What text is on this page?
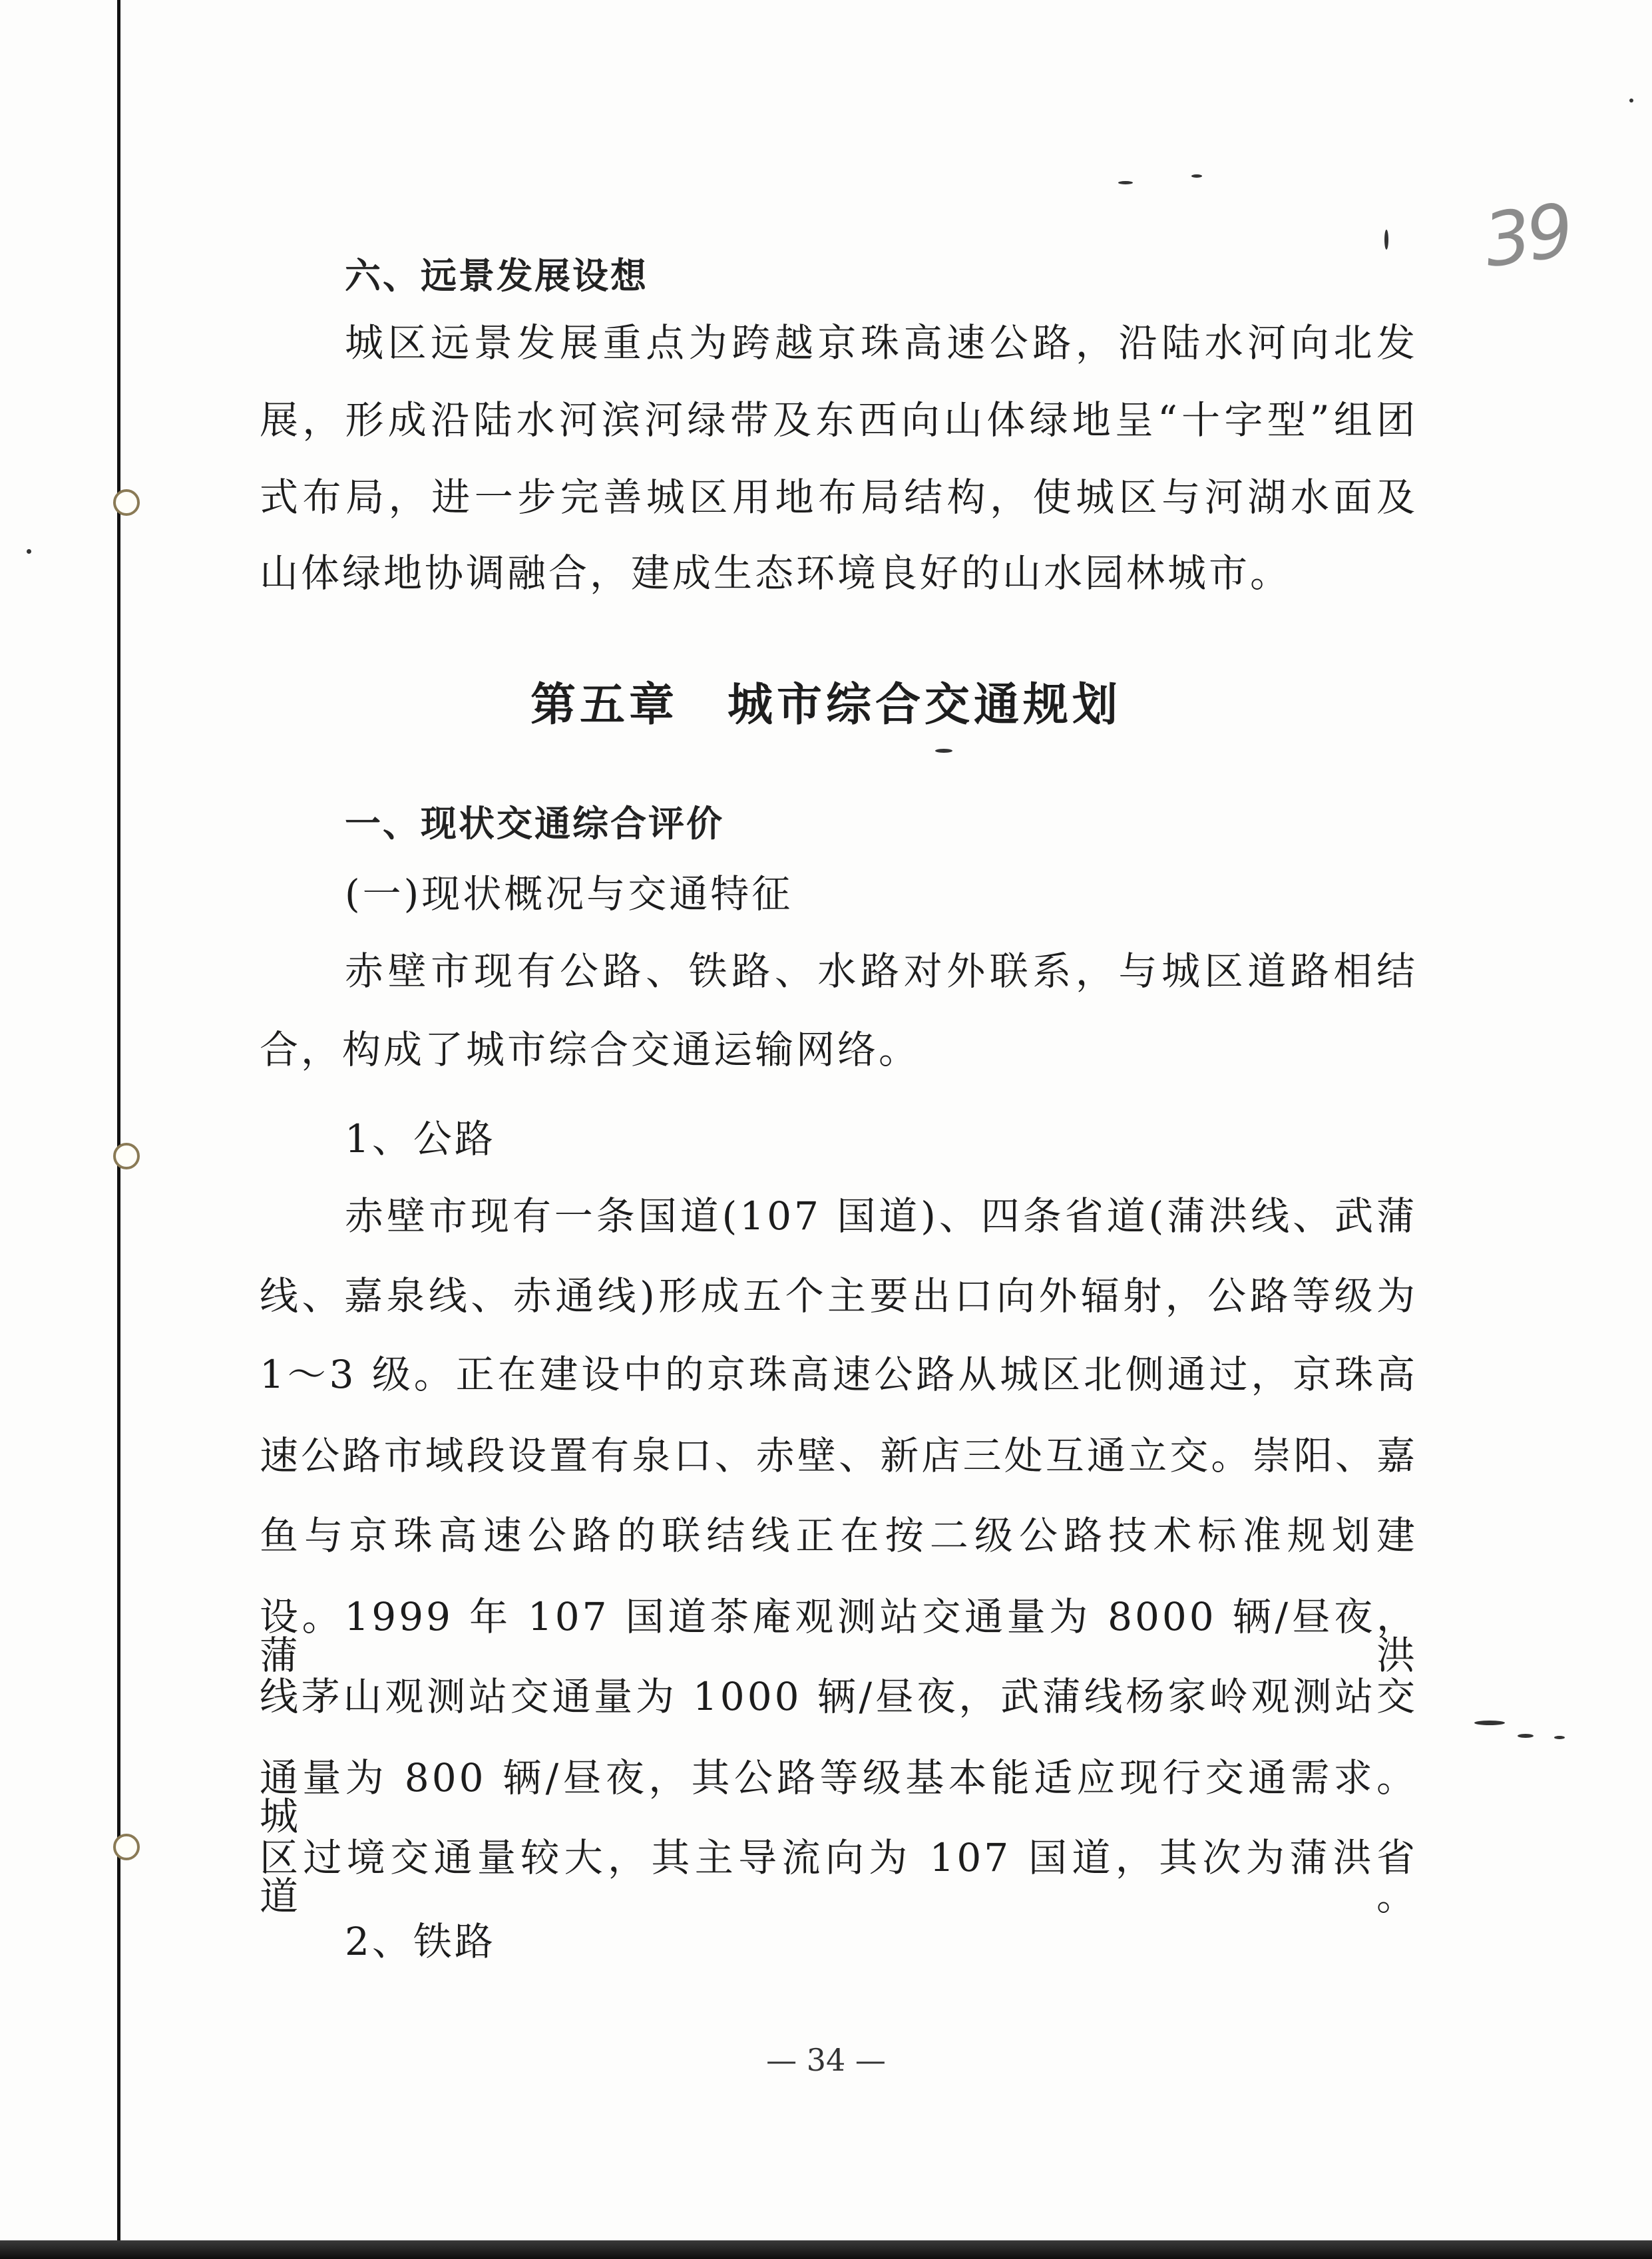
39
六、远景发展设想
城区远景发展重点为跨越京珠高速公路，沿陆水河向北发
展，形成沿陆水河滨河绿带及东西向山体绿地呈“十字型”组团
式布局，进一步完善城区用地布局结构，使城区与河湖水面及
山体绿地协调融合，建成生态环境良好的山水园林城市。
第五章　城市综合交通规划
一、现状交通综合评价
(一)现状概况与交通特征
赤壁市现有公路、铁路、水路对外联系，与城区道路相结
合，构成了城市综合交通运输网络。
1、公路
赤壁市现有一条国道(107 国道)、四条省道(蒲洪线、武蒲
线、嘉泉线、赤通线)形成五个主要出口向外辐射，公路等级为
1～3 级。正在建设中的京珠高速公路从城区北侧通过，京珠高
速公路市域段设置有泉口、赤壁、新店三处互通立交。崇阳、嘉
鱼与京珠高速公路的联结线正在按二级公路技术标准规划建
设。1999 年 107 国道茶庵观测站交通量为 8000 辆/昼夜，蒲洪
线茅山观测站交通量为 1000 辆/昼夜，武蒲线杨家岭观测站交
通量为 800 辆/昼夜，其公路等级基本能适应现行交通需求。城
区过境交通量较大，其主导流向为 107 国道，其次为蒲洪省道。
2、铁路
— 34 —
